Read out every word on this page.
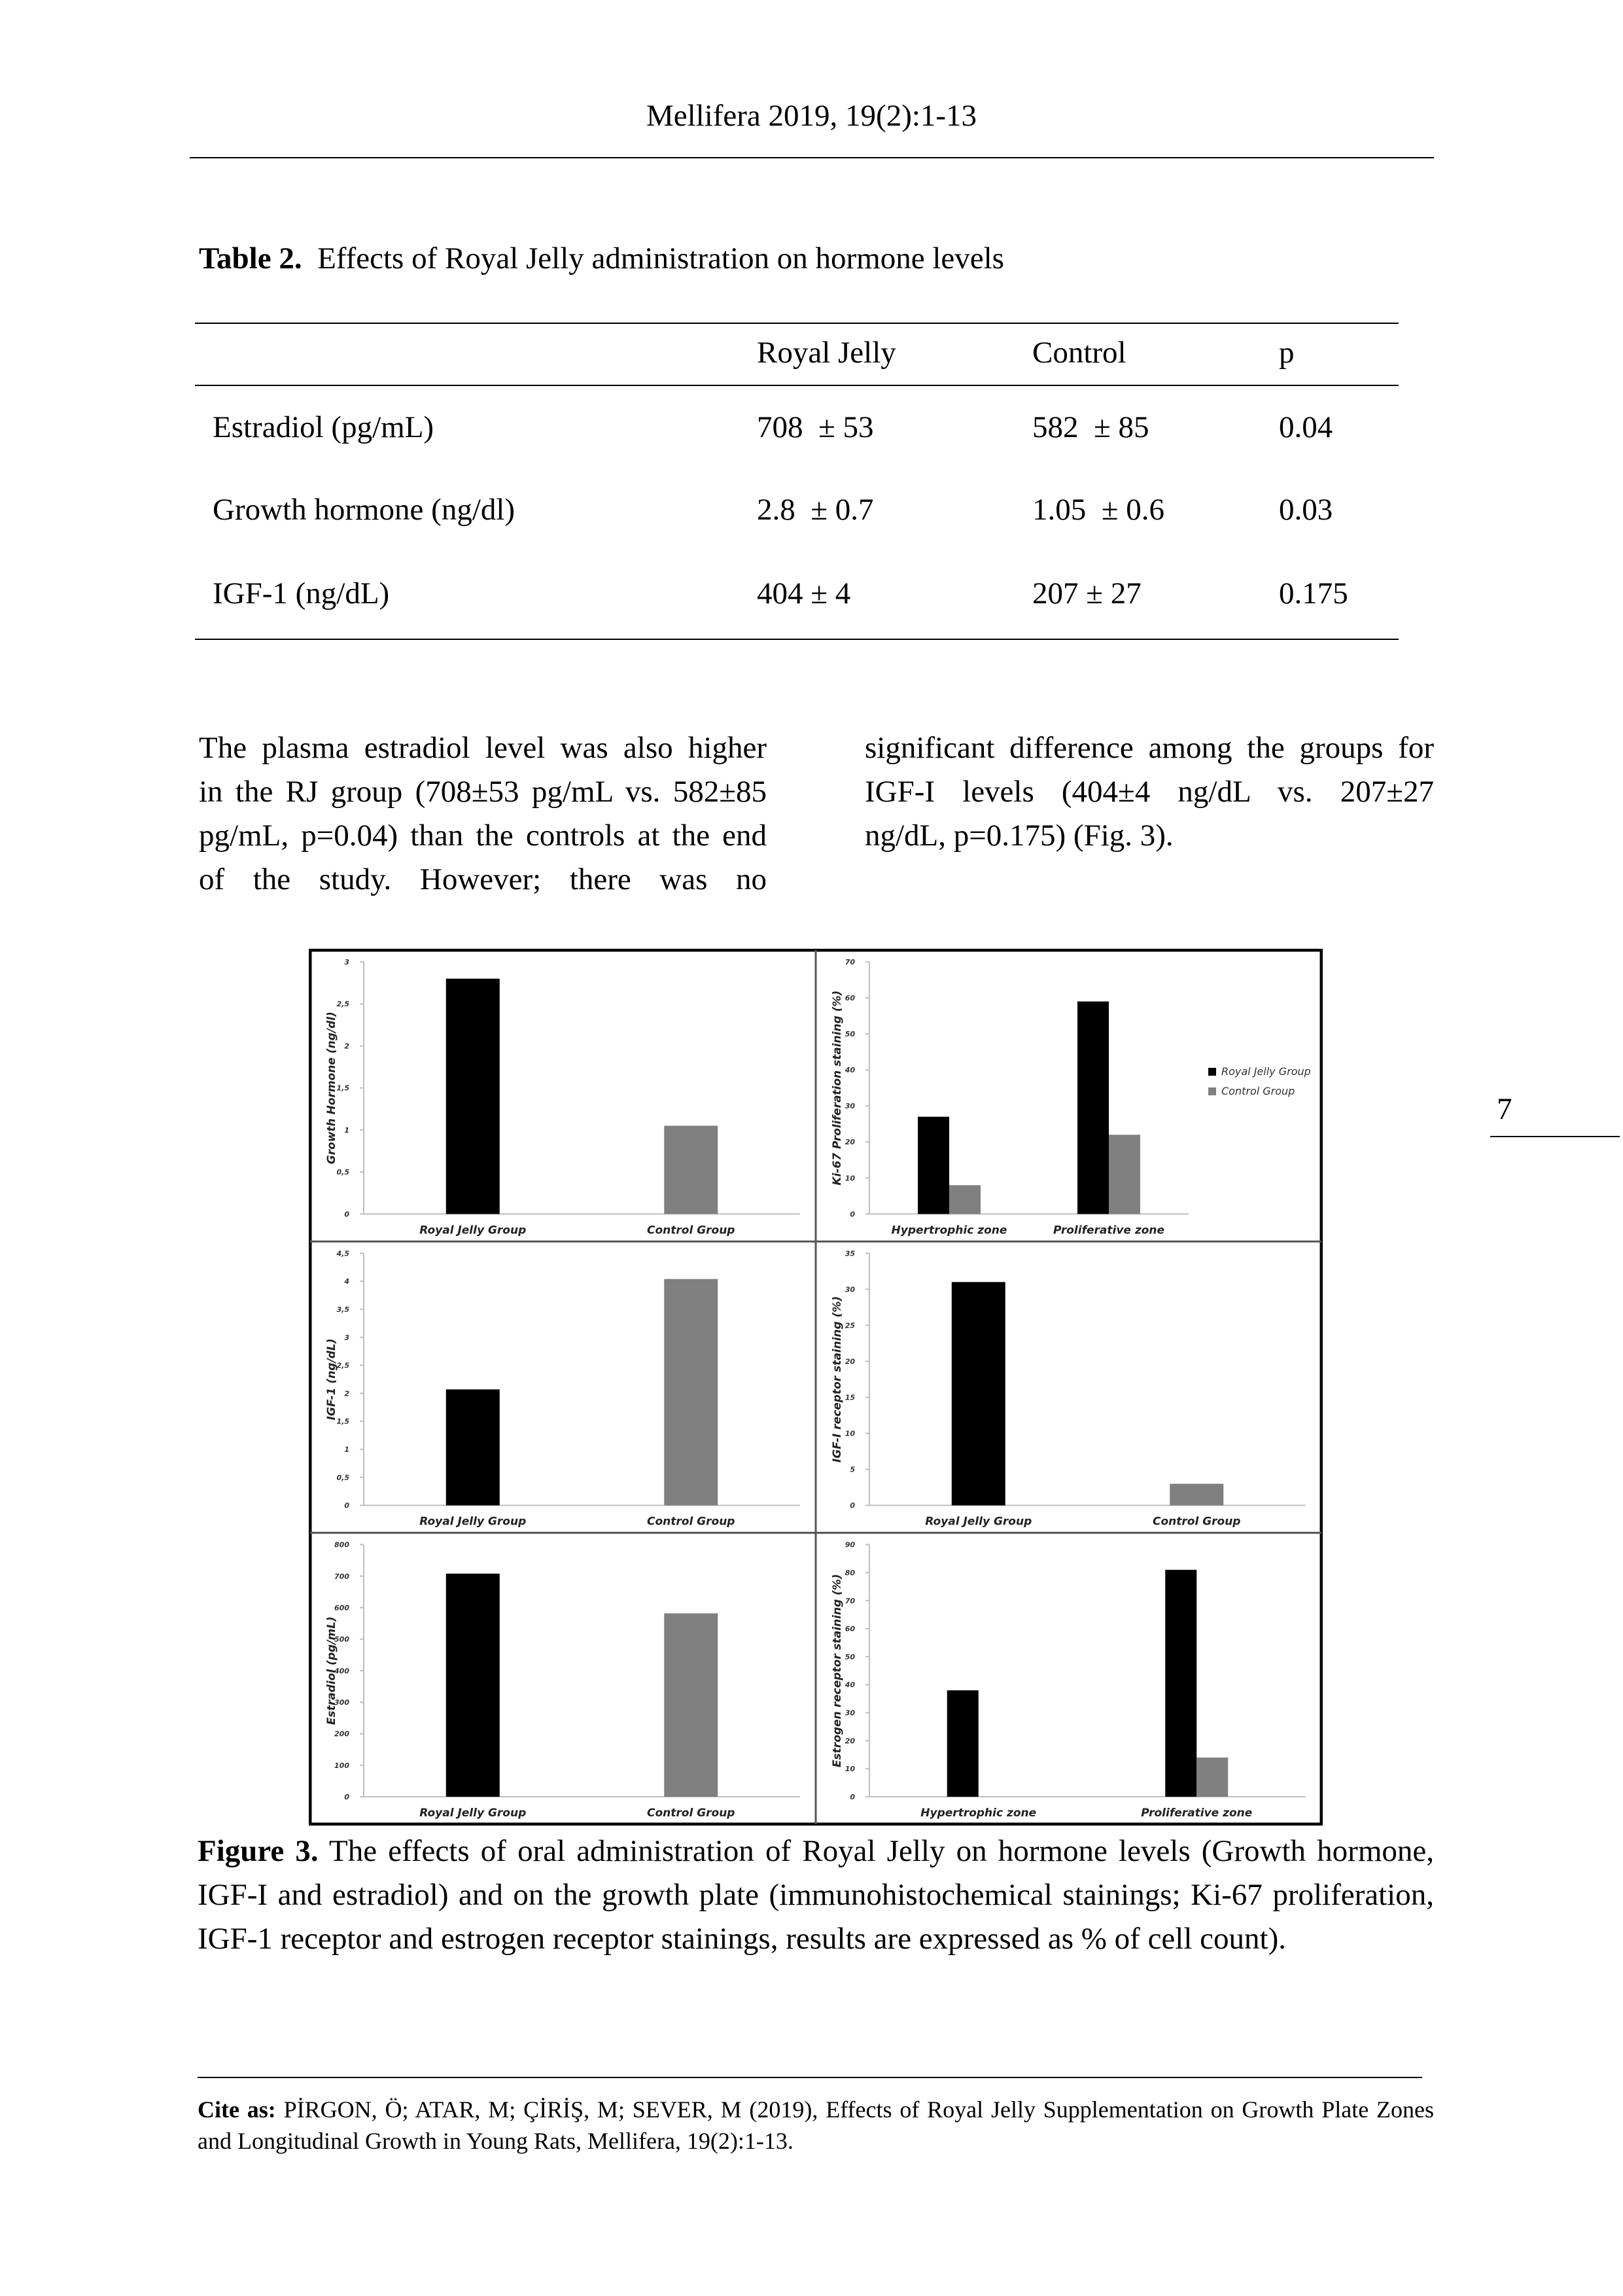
Mellifera 2019, 19(2):1-13
Table 2. Effects of Royal Jelly administration on hormone levels
Royal Jelly	Control	p
Estradiol (pg/mL)	708  ± 53	582  ± 85	0.04
Growth hormone (ng/dl)	2.8  ± 0.7	1.05  ± 0.6	0.03
IGF-1 (ng/dL)	404 ± 4	207 ± 27	0.175
The plasma estradiol level was also higher
in the RJ group (708±53 pg/mL vs. 582±85
pg/mL, p=0.04) than the controls at the end
of the study. However; there was no
significant difference among the groups for
IGF-I levels (404±4 ng/dL vs. 207±27
ng/dL, p=0.175) (Fig. 3).
0
0,5
1
1,5
2
2,5
3
Growth Hormone (ng/dl)
Royal Jelly Group	Control Group
0
10
20
30
40
50
60
70
Ki-67 Proliferation staining (%)
Hypertrophic zone	Proliferative zone
Royal Jelly Group
Control Group
0
0,5
1
1,5
2
2,5
3
3,5
4
4,5
IGF-1 (ng/dL)
Royal Jelly Group	Control Group
0
5
10
15
20
25
30
35
IGF-I receptor staining (%)
Royal Jelly Group	Control Group
0
100
200
300
400
500
600
700
800
Estradiol (pg/mL)
Royal Jelly Group	Control Group
0
10
20
30
40
50
60
70
80
90
Estrogen receptor staining (%)
Hypertrophic zone	Proliferative zone
Figure 3. The effects of oral administration of Royal Jelly on hormone levels (Growth hormone, IGF-I and estradiol) and on the growth plate (immunohistochemical stainings; Ki-67 proliferation, IGF-1 receptor and estrogen receptor stainings, results are expressed as % of cell count).
7
Cite as: PİRGON, Ö; ATAR, M; ÇİRİŞ, M; SEVER, M (2019), Effects of Royal Jelly Supplementation on Growth Plate Zones and Longitudinal Growth in Young Rats, Mellifera, 19(2):1-13.
